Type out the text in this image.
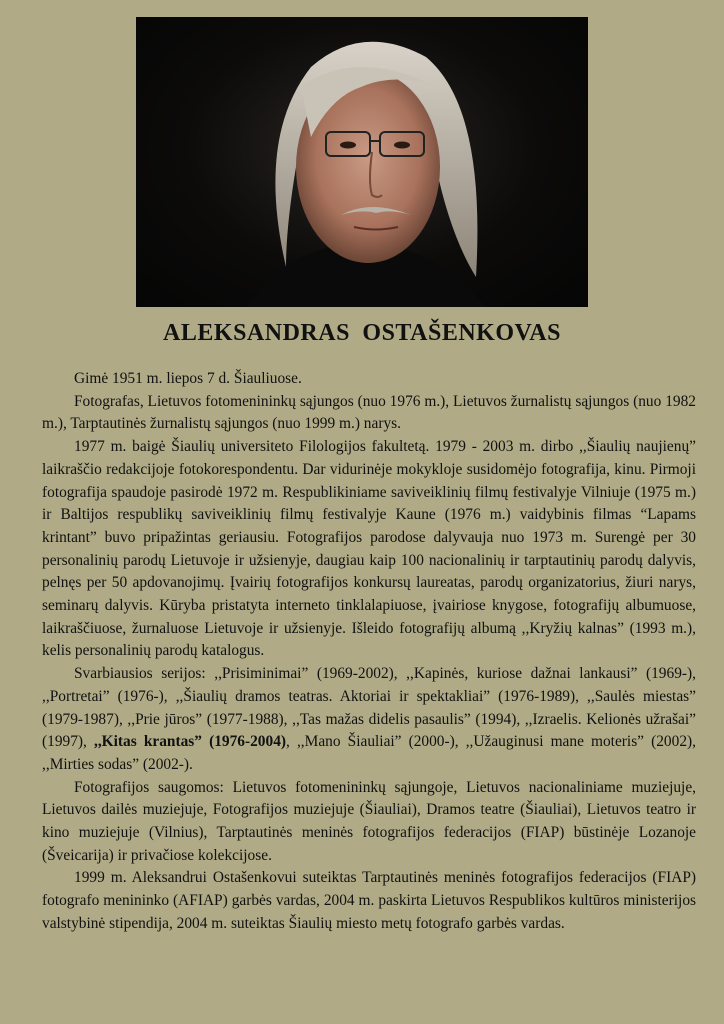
ALEKSANDRAS OSTAŠENKOVAS

Gimė 1951 m. liepos 7 d. Šiauliuose.

Fotografas, Lietuvos fotomenininkų sąjungos (nuo 1976 m.), Lietuvos žurnalistų sąjungos (nuo 1982 m.), Tarptautinės žurnalistų sąjungos (nuo 1999 m.) narys.

1977 m. baigė Šiaulių universiteto Filologijos fakultetą. 1979 - 2003 m. dirbo ,,Šiaulių naujienų” laikraščio redakcijoje fotokorespondentu. Dar vidurinėje mokykloje susidomėjo fotografija, kinu. Pirmoji fotografija spaudoje pasirodė 1972 m. Respublikiniame saviveiklinių filmų festivalyje Vilniuje (1975 m.) ir Baltijos respublikų saviveiklinių filmų festivalyje Kaune (1976 m.) vaidybinis filmas “Lapams krintant” buvo pripažintas geriausiu. Fotografijos parodose dalyvauja nuo 1973 m. Surengė per 30 personalinių parodų Lietuvoje ir užsienyje, daugiau kaip 100 nacionalinių ir tarptautinių parodų dalyvis, pelnęs per 50 apdovanojimų. Įvairių fotografijos konkursų laureatas, parodų organizatorius, žiuri narys, seminarų dalyvis. Kūryba pristatyta interneto tinklalapiuose, įvairiose knygose, fotografijų albumuose, laikraščiuose, žurnaluose Lietuvoje ir užsienyje. Išleido fotografijų albumą ,,Kryžių kalnas” (1993 m.), kelis personalinių parodų katalogus.

Svarbiausios serijos: ,,Prisiminimai” (1969-2002), ,,Kapinės, kuriose dažnai lankausi” (1969-), ,,Portretai” (1976-), ,,Šiaulių dramos teatras. Aktoriai ir spektakliai” (1976-1989), ,,Saulės miestas” (1979-1987), ,,Prie jūros” (1977-1988), ,,Tas mažas didelis pasaulis” (1994), ,,Izraelis. Kelionės užrašai” (1997), ,,Kitas krantas” (1976-2004), ,,Mano Šiauliai” (2000-), ,,Užauginusi mane moteris” (2002), ,,Mirties sodas” (2002-).

Fotografijos saugomos: Lietuvos fotomenininkų sąjungoje, Lietuvos nacionaliniame muziejuje, Lietuvos dailės muziejuje, Fotografijos muziejuje (Šiauliai), Dramos teatre (Šiauliai), Lietuvos teatro ir kino muziejuje (Vilnius), Tarptautinės meninės fotografijos federacijos (FIAP) būstinėje Lozanoje (Šveicarija) ir privačiose kolekcijose.

1999 m. Aleksandrui Ostašenkovui suteiktas Tarptautinės meninės fotografijos federacijos (FIAP) fotografo menininko (AFIAP) garbės vardas, 2004 m. paskirta Lietuvos Respublikos kultūros ministerijos valstybinė stipendija, 2004 m. suteiktas Šiaulių miesto metų fotografo garbės vardas.
